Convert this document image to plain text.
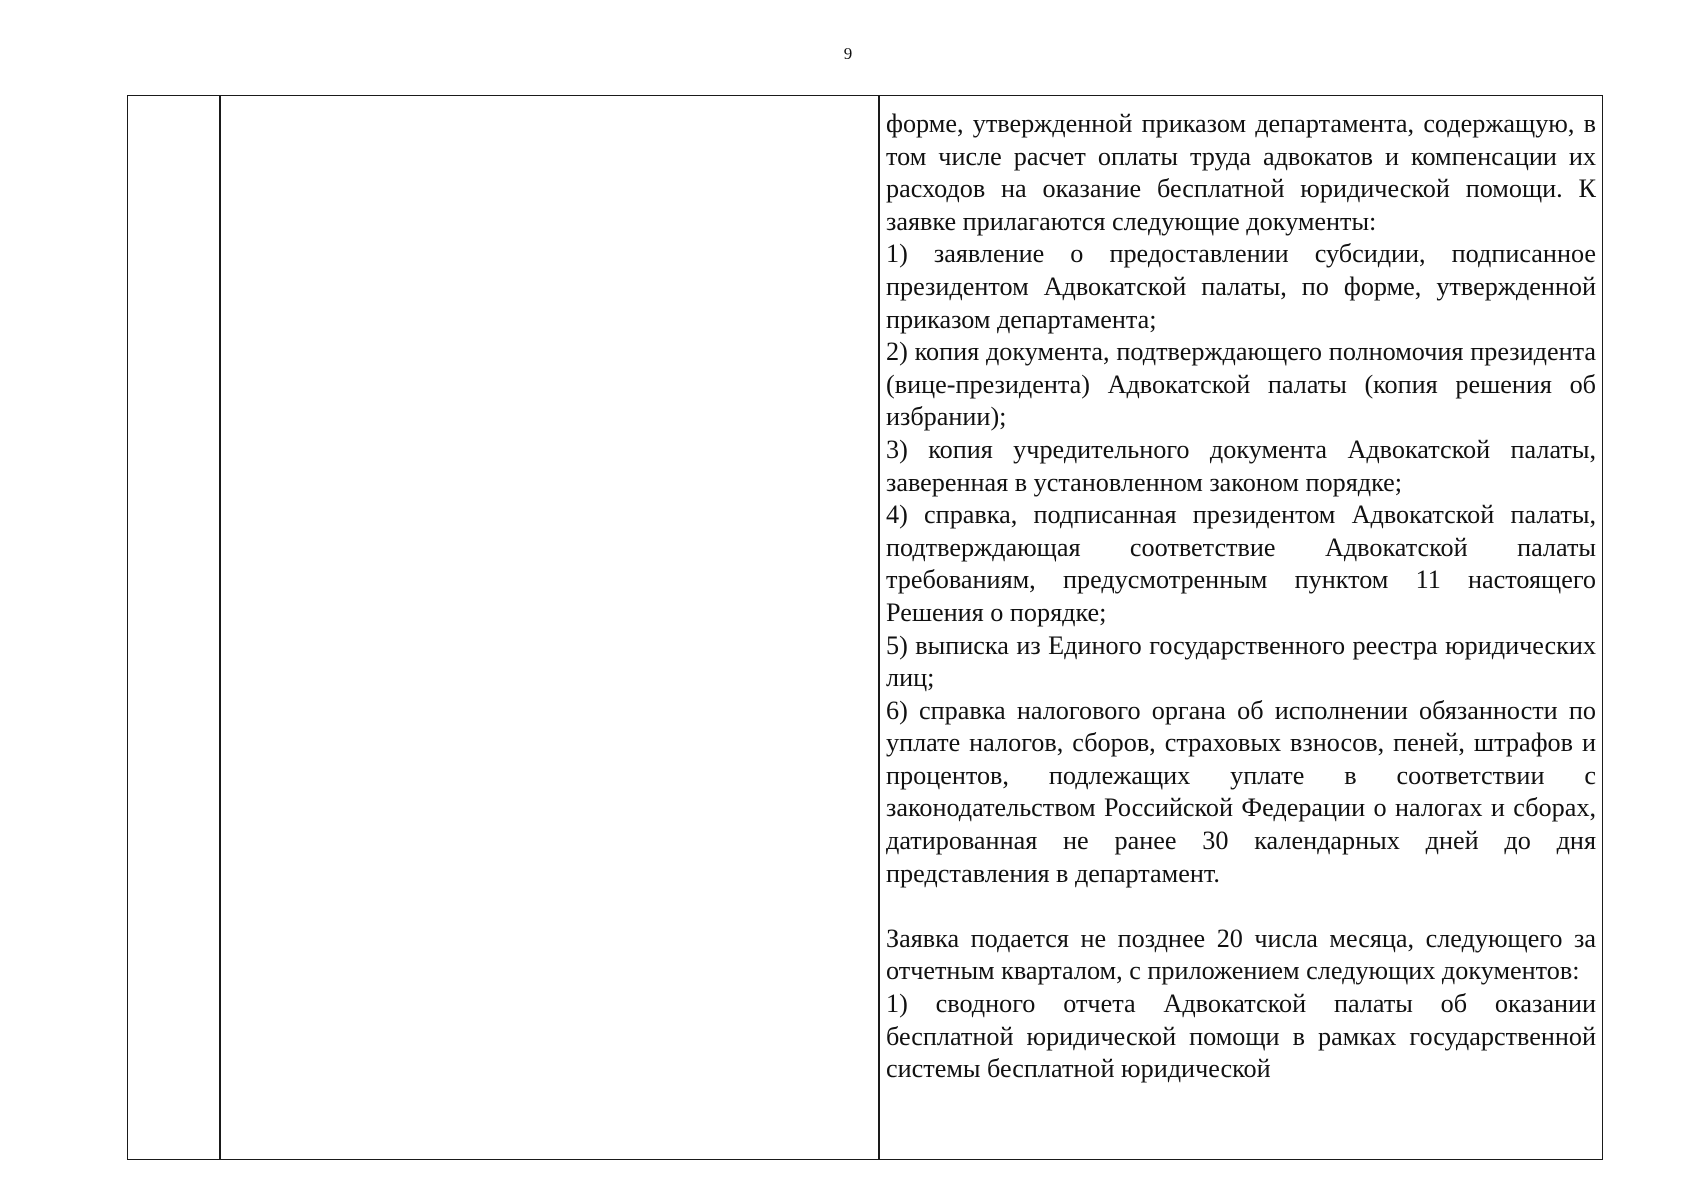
9

форме, утвержденной приказом департамента, содержащую, в том числе расчет оплаты труда адвокатов и компенсации их расходов на оказание бесплатной юридической помощи. К заявке прилагаются следующие документы:

1) заявление о предоставлении субсидии, подписанное президентом Адвокатской палаты, по форме, утвержденной приказом департамента;

2) копия документа, подтверждающего полномочия президента (вице-президента) Адвокатской палаты (копия решения об избрании);

3) копия учредительного документа Адвокатской палаты, заверенная в установленном законом порядке;

4) справка, подписанная президентом Адвокатской палаты, подтверждающая соответствие Адвокатской палаты требованиям, предусмотренным пунктом 11 настоящего Решения о порядке;

5) выписка из Единого государственного реестра юридических лиц;

6) справка налогового органа об исполнении обязанности по уплате налогов, сборов, страховых взносов, пеней, штрафов и процентов, подлежащих уплате в соответствии с законодательством Российской Федерации о налогах и сборах, датированная не ранее 30 календарных дней до дня представления в департамент.

Заявка подается не позднее 20 числа месяца, следующего за отчетным кварталом, с приложением следующих документов:

1) сводного отчета Адвокатской палаты об оказании бесплатной юридической помощи в рамках государственной системы бесплатной юридической
